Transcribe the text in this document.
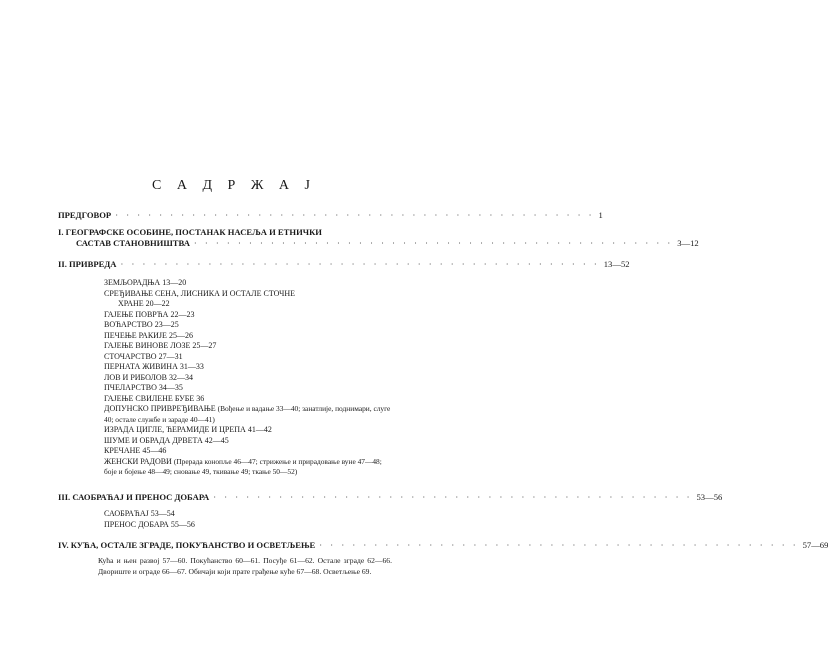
С А Д Р Ж А Ј
ПРЕДГОВОР · · · · · · · · · · · · · · · · · · · · · · · · · · · · · · · · · · · · · · · · · · · · 1
I. ГЕОГРАФСКЕ ОСОБИНЕ, ПОСТАНАК НАСЕЉА И ЕТНИЧКИ
САСТАВ СТАНОВНИШТВА · · · · · · · · · · · · · · · · · · · · · · · · · · · · · · · · · · · · · · · · · · · · 3—12
II. ПРИВРЕДА · · · · · · · · · · · · · · · · · · · · · · · · · · · · · · · · · · · · · · · · · · · · 13—52
ЗЕМЉОРАДЊА 13—20
СРЕЂИВАЊЕ СЕНА, ЛИСНИКА И ОСТАЛЕ СТОЧНЕ
ХРАНЕ 20—22
ГАЈЕЊЕ ПОВРЋА 22—23
ВОЋАРСТВО 23—25
ПЕЧЕЊЕ РАКИЈЕ 25—26
ГАЈЕЊЕ ВИНОВЕ ЛОЗЕ 25—27
СТОЧАРСТВО 27—31
ПЕРНАТА ЖИВИНА 31—33
ЛОВ И РИБОЛОВ 32—34
ПЧЕЛАРСТВО 34—35
ГАЈЕЊЕ СВИЛЕНЕ БУБЕ 36
ДОПУНСКО ПРИВРЕЂИВАЊЕ (Вођење и вадање 33—40; занатлије, поднимари, слуге 40; остале службе и зараде 40—41)
ИЗРАДА ЦИГЛЕ, ЋЕРАМИДЕ И ЦРЕПА 41—42
ШУМЕ И ОБРАДА ДРВЕТА 42—45
КРЕЧАНЕ 45—46
ЖЕНСКИ РАДОВИ (Прерада конопље 46—47; стрижење и прирадовање вуне 47—48; боје и бојење 48—49; сновање 49, ткивање 49; ткање 50—52)
III. САОБРАЋАЈ И ПРЕНОС ДОБАРА · · · · · · · · · · · · · · · · · · · · · · · · · · · · · · · · · · · · · · · · · · · · 53—56
САОБРАЋАЈ 53—54
ПРЕНОС ДОБАРА 55—56
IV. КУЋА, ОСТАЛЕ ЗГРАДЕ, ПОКУЋАНСТВО И ОСВЕТЉЕЊЕ · · · · · · · · · · · · · · · · · · · · · · · · · · · · · · · · · · · · · · · · · · · · 57—69
Кућа и њен развој 57—60. Покућанство 60—61. Посуђе 61—62. Остале зграде 62—66. Двориште и ограде 66—67. Обичаји који прате грађење куће 67—68. Осветљење 69.
